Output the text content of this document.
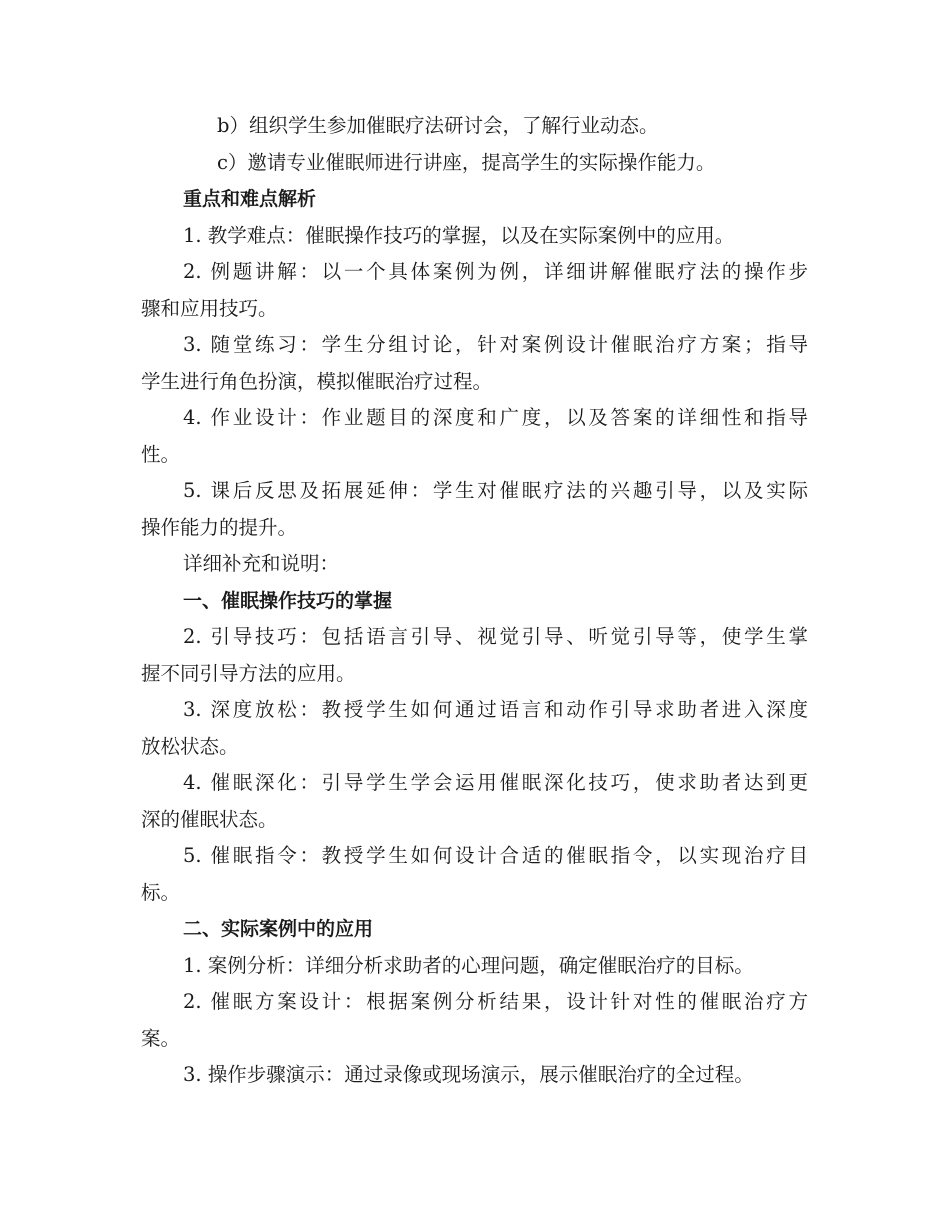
b）组织学生参加催眠疗法研讨会，了解行业动态。

c）邀请专业催眠师进行讲座，提高学生的实际操作能力。

重点和难点解析

1. 教学难点：催眠操作技巧的掌握，以及在实际案例中的应用。

2. 例题讲解：以一个具体案例为例，详细讲解催眠疗法的操作步

骤和应用技巧。

3. 随堂练习：学生分组讨论，针对案例设计催眠治疗方案；指导

学生进行角色扮演，模拟催眠治疗过程。

4. 作业设计：作业题目的深度和广度，以及答案的详细性和指导

性。

5. 课后反思及拓展延伸：学生对催眠疗法的兴趣引导，以及实际

操作能力的提升。

详细补充和说明：

一、催眠操作技巧的掌握

2. 引导技巧：包括语言引导、视觉引导、听觉引导等，使学生掌

握不同引导方法的应用。

3. 深度放松：教授学生如何通过语言和动作引导求助者进入深度

放松状态。

4. 催眠深化：引导学生学会运用催眠深化技巧，使求助者达到更

深的催眠状态。

5. 催眠指令：教授学生如何设计合适的催眠指令，以实现治疗目

标。

二、实际案例中的应用

1. 案例分析：详细分析求助者的心理问题，确定催眠治疗的目标。

2. 催眠方案设计：根据案例分析结果，设计针对性的催眠治疗方

案。

3. 操作步骤演示：通过录像或现场演示，展示催眠治疗的全过程。
